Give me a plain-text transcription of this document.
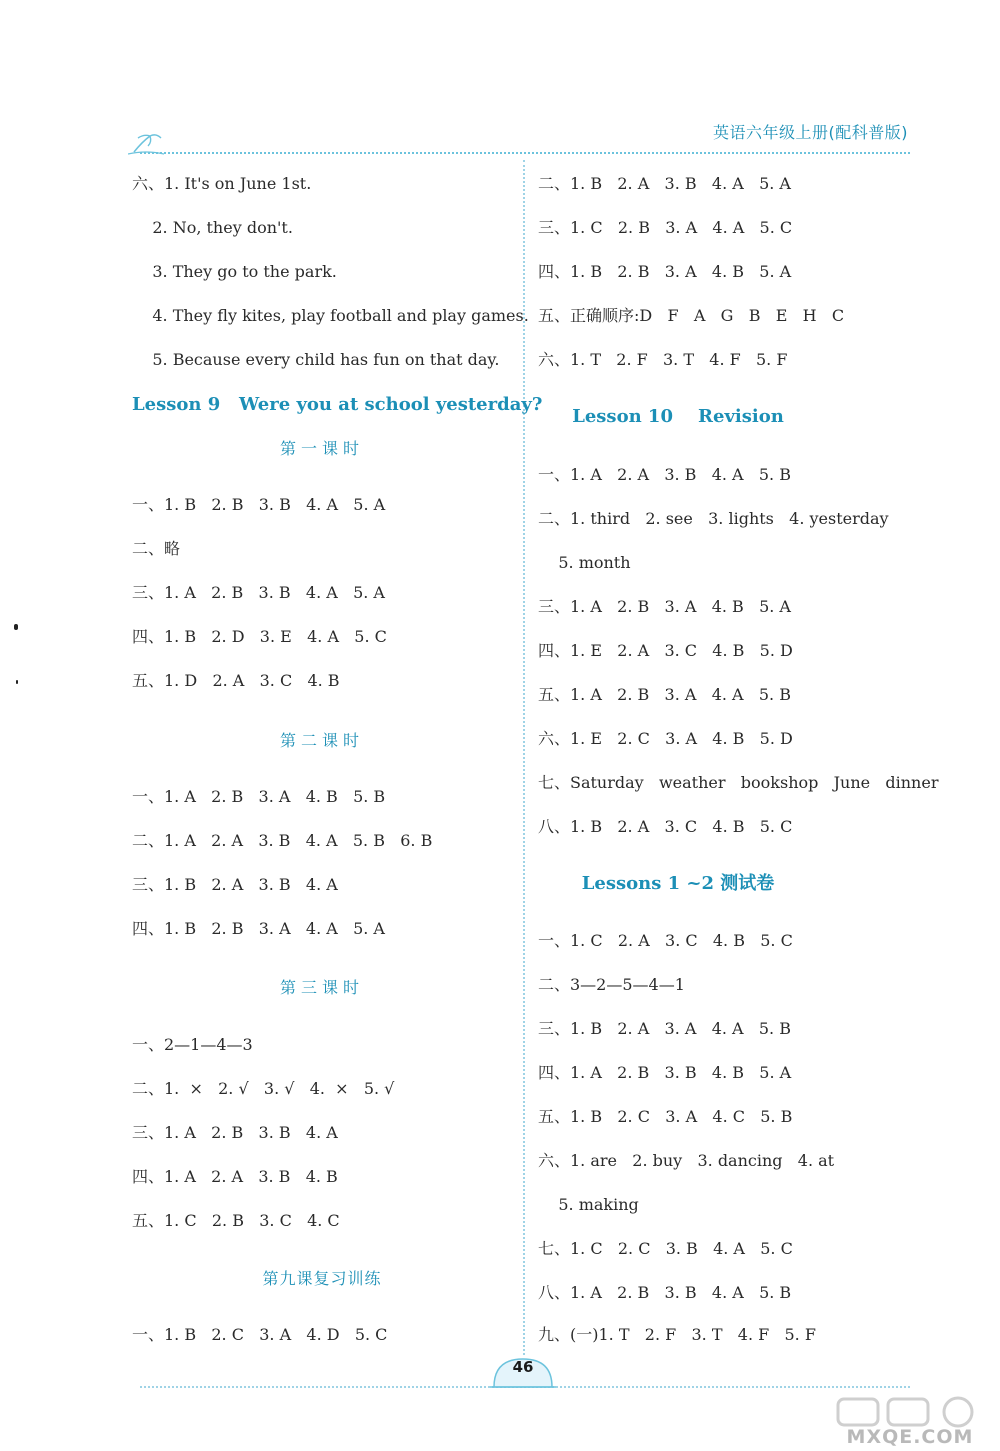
英语六年级上册(配科普版)
六、1. It's on June 1st.
2. No, they don't.
3. They go to the park.
4. They fly kites, play football and play games.
5. Because every child has fun on that day.
Lesson 9   Were you at school yesterday?
第一课时
一、1. B   2. B   3. B   4. A   5. A
二、略
三、1. A   2. B   3. B   4. A   5. A
四、1. B   2. D   3. E   4. A   5. C
五、1. D   2. A   3. C   4. B
第二课时
一、1. A   2. B   3. A   4. B   5. B
二、1. A   2. A   3. B   4. A   5. B   6. B
三、1. B   2. A   3. B   4. A
四、1. B   2. B   3. A   4. A   5. A
第三课时
一、2—1—4—3
二、1.  ×   2. √   3. √   4.  ×   5. √
三、1. A   2. B   3. B   4. A
四、1. A   2. A   3. B   4. B
五、1. C   2. B   3. C   4. C
第九课复习训练
一、1. B   2. C   3. A   4. D   5. C
二、1. B   2. A   3. B   4. A   5. A
三、1. C   2. B   3. A   4. A   5. C
四、1. B   2. B   3. A   4. B   5. A
五、正确顺序:D   F   A   G   B   E   H   C
六、1. T   2. F   3. T   4. F   5. F
Lesson 10    Revision
一、1. A   2. A   3. B   4. A   5. B
二、1. third   2. see   3. lights   4. yesterday
5. month
三、1. A   2. B   3. A   4. B   5. A
四、1. E   2. A   3. C   4. B   5. D
五、1. A   2. B   3. A   4. A   5. B
六、1. E   2. C   3. A   4. B   5. D
七、Saturday   weather   bookshop   June   dinner
八、1. B   2. A   3. C   4. B   5. C
Lessons 1 ~2 测试卷
一、1. C   2. A   3. C   4. B   5. C
二、3—2—5—4—1
三、1. B   2. A   3. A   4. A   5. B
四、1. A   2. B   3. B   4. B   5. A
五、1. B   2. C   3. A   4. C   5. B
六、1. are   2. buy   3. dancing   4. at
5. making
七、1. C   2. C   3. B   4. A   5. C
八、1. A   2. B   3. B   4. A   5. B
九、(一)1. T   2. F   3. T   4. F   5. F
46
MXQE.COM
